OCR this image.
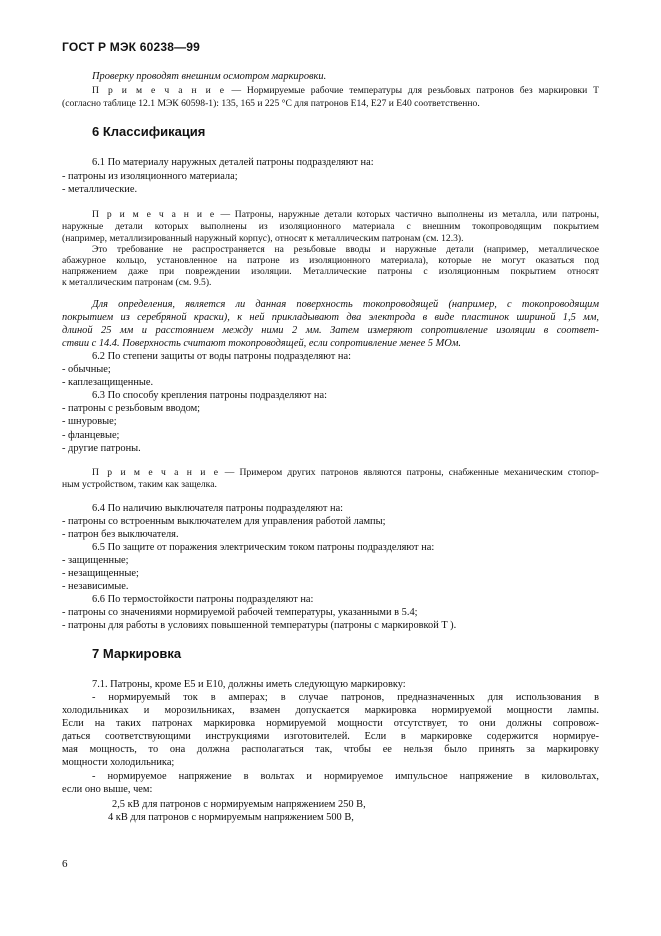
ГОСТ Р МЭК 60238—99
Проверку проводят внешним осмотром маркировки.
П р и м е ч а н и е — Нормируемые рабочие температуры для резьбовых патронов без маркировки T
(согласно таблице 12.1 МЭК 60598-1): 135, 165 и 225 °C для патронов E14, E27 и E40 соответственно.
6 Классификация
6.1 По материалу наружных деталей патроны подразделяют на:
- патроны из изоляционного материала;
- металлические.
П р и м е ч а н и е — Патроны, наружные детали которых частично выполнены из металла, или патроны,
наружные детали которых выполнены из изоляционного материала с внешним токопроводящим покрытием
(например, металлизированный наружный корпус), относят к металлическим патронам (см. 12.3).
Это требование не распространяется на резьбовые вводы и наружные детали (например, металлическое
абажурное кольцо, установленное на патроне из изоляционного материала), которые не могут оказаться под
напряжением даже при повреждении изоляции. Металлические патроны с изоляционным покрытием относят
к металлическим патронам (см. 9.5).
Для определения, является ли данная поверхность токопроводящей (например, с токопроводящим
покрытием из серебряной краски), к ней прикладывают два электрода в виде пластинок шириной 1,5 мм,
длиной 25 мм и расстоянием между ними 2 мм. Затем измеряют сопротивление изоляции в соответ-
ствии с 14.4. Поверхность считают токопроводящей, если сопротивление менее 5 МОм.
6.2 По степени защиты от воды патроны подразделяют на:
- обычные;
- каплезащищенные.
6.3 По способу крепления патроны подразделяют на:
- патроны с резьбовым вводом;
- шнуровые;
- фланцевые;
- другие патроны.
П р и м е ч а н и е — Примером других патронов являются патроны, снабженные механическим стопор-
ным устройством, таким как защелка.
6.4 По наличию выключателя патроны подразделяют на:
- патроны со встроенным выключателем для управления работой лампы;
- патрон без выключателя.
6.5 По защите от поражения электрическим током патроны подразделяют на:
- защищенные;
- незащищенные;
- независимые.
6.6 По термостойкости патроны подразделяют на:
- патроны со значениями нормируемой рабочей температуры, указанными в 5.4;
- патроны для работы в условиях повышенной температуры (патроны с маркировкой T ).
7 Маркировка
7.1. Патроны, кроме E5 и E10, должны иметь следующую маркировку:
- нормируемый ток в амперах; в случае патронов, предназначенных для использования в
холодильниках и морозильниках, взамен допускается маркировка нормируемой мощности лампы.
Если на таких патронах маркировка нормируемой мощности отсутствует, то они должны сопровож-
даться соответствующими инструкциями изготовителей. Если в маркировке содержится нормируе-
мая мощность, то она должна располагаться так, чтобы ее нельзя было принять за маркировку
мощности холодильника;
- нормируемое напряжение в вольтах и нормируемое импульсное напряжение в киловольтах,
если оно выше, чем:
2,5 кВ для патронов с нормируемым напряжением 250 В,
4 кВ для патронов с нормируемым напряжением 500 В,
6
